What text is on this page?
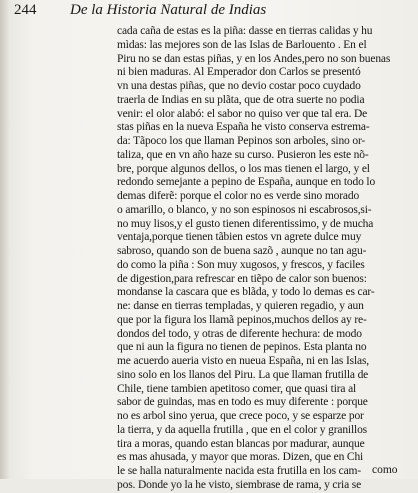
244 De la Historia Natural de Indias
cada caña de estas es la piña: dasse en tierras calidas y hu
mìdas: las mejores son de las Islas de Barlouento . En el
Piru no se dan estas piñas, y en los Andes,pero no son buenas
ni bien maduras. Al Emperador don Carlos se presentó
vn una destas piñas, que no devio costar poco cuydado
traerla de Indias en su plãta, que de otra suerte no podia
venir: el olor alabó: el sabor no quiso ver que tal era. De
stas piñas en la nueva España he visto conserva estrema-
da: Tãpoco los que llaman Pepinos son arboles, sino or-
taliza, que en vn año haze su curso. Pusieron les este nõ-
bre, porque algunos dellos, o los mas tienen el largo, y el
redondo semejante a pepino de España, aunque en todo lo
demas diferẽ: porque el color no es verde sino morado
o amarillo, o blanco, y no son espinosos ni escabrosos,si-
no muy lisos,y el gusto tienen diferentissimo, y de mucha
ventaja,porque tienen tãbien estos vn agrete dulce muy
sabroso, quando son de buena sazõ , aunque no tan agu-
do como la piña : Son muy xugosos, y frescos, y faciles
de digestion,para refrescar en tiẽpo de calor son buenos:
mondanse la cascara que es blãda, y todo lo demas es car-
ne: danse en tierras templadas, y quieren regadio, y aun
que por la figura los llamã pepinos,muchos dellos ay re-
dondos del todo, y otras de diferente hechura: de modo
que ni aun la figura no tienen de pepinos. Esta planta no
me acuerdo aueria visto en nueua España, ni en las Islas,
sino solo en los llanos del Piru. La que llaman frutilla de
Chile, tiene tambien apetitoso comer, que quasi tira al
sabor de guindas, mas en todo es muy diferente : porque
no es arbol sino yerua, que crece poco, y se esparze por
la tierra, y da aquella frutilla , que en el color y granillos
tira a moras, quando estan blancas por madurar, aunque
es mas ahusada, y mayor que moras. Dizen, que en Chi
le se halla naturalmente nacida esta frutilla en los cam-
pos. Donde yo la he visto, siembrase de rama, y cria se
como
